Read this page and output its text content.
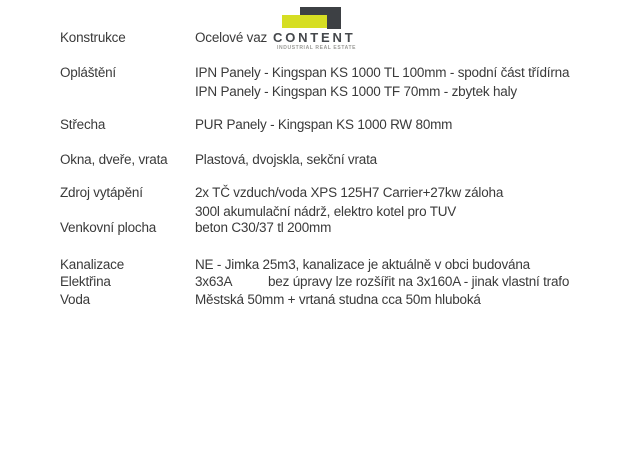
CONTENT
INDUSTRIAL REAL ESTATE
Konstrukce	Ocelové vaz
Opláštění	IPN Panely - Kingspan KS 1000 TL 100mm - spodní část třídírna
IPN Panely - Kingspan KS 1000 TF 70mm - zbytek haly
Střecha	PUR Panely - Kingspan KS 1000 RW 80mm
Okna, dveře, vrata	Plastová, dvojskla, sekční vrata
Zdroj vytápění	2x TČ vzduch/voda XPS 125H7 Carrier+27kw záloha
300l akumulační nádrž, elektro kotel pro TUV
Venkovní plocha	beton C30/37 tl 200mm
Kanalizace	NE - Jimka 25m3, kanalizace je aktuálně v obci budována
Elektřina	3x63A	bez úpravy lze rozšířit na 3x160A - jinak vlastní trafo
Voda	Městská 50mm + vrtaná studna cca 50m hluboká
